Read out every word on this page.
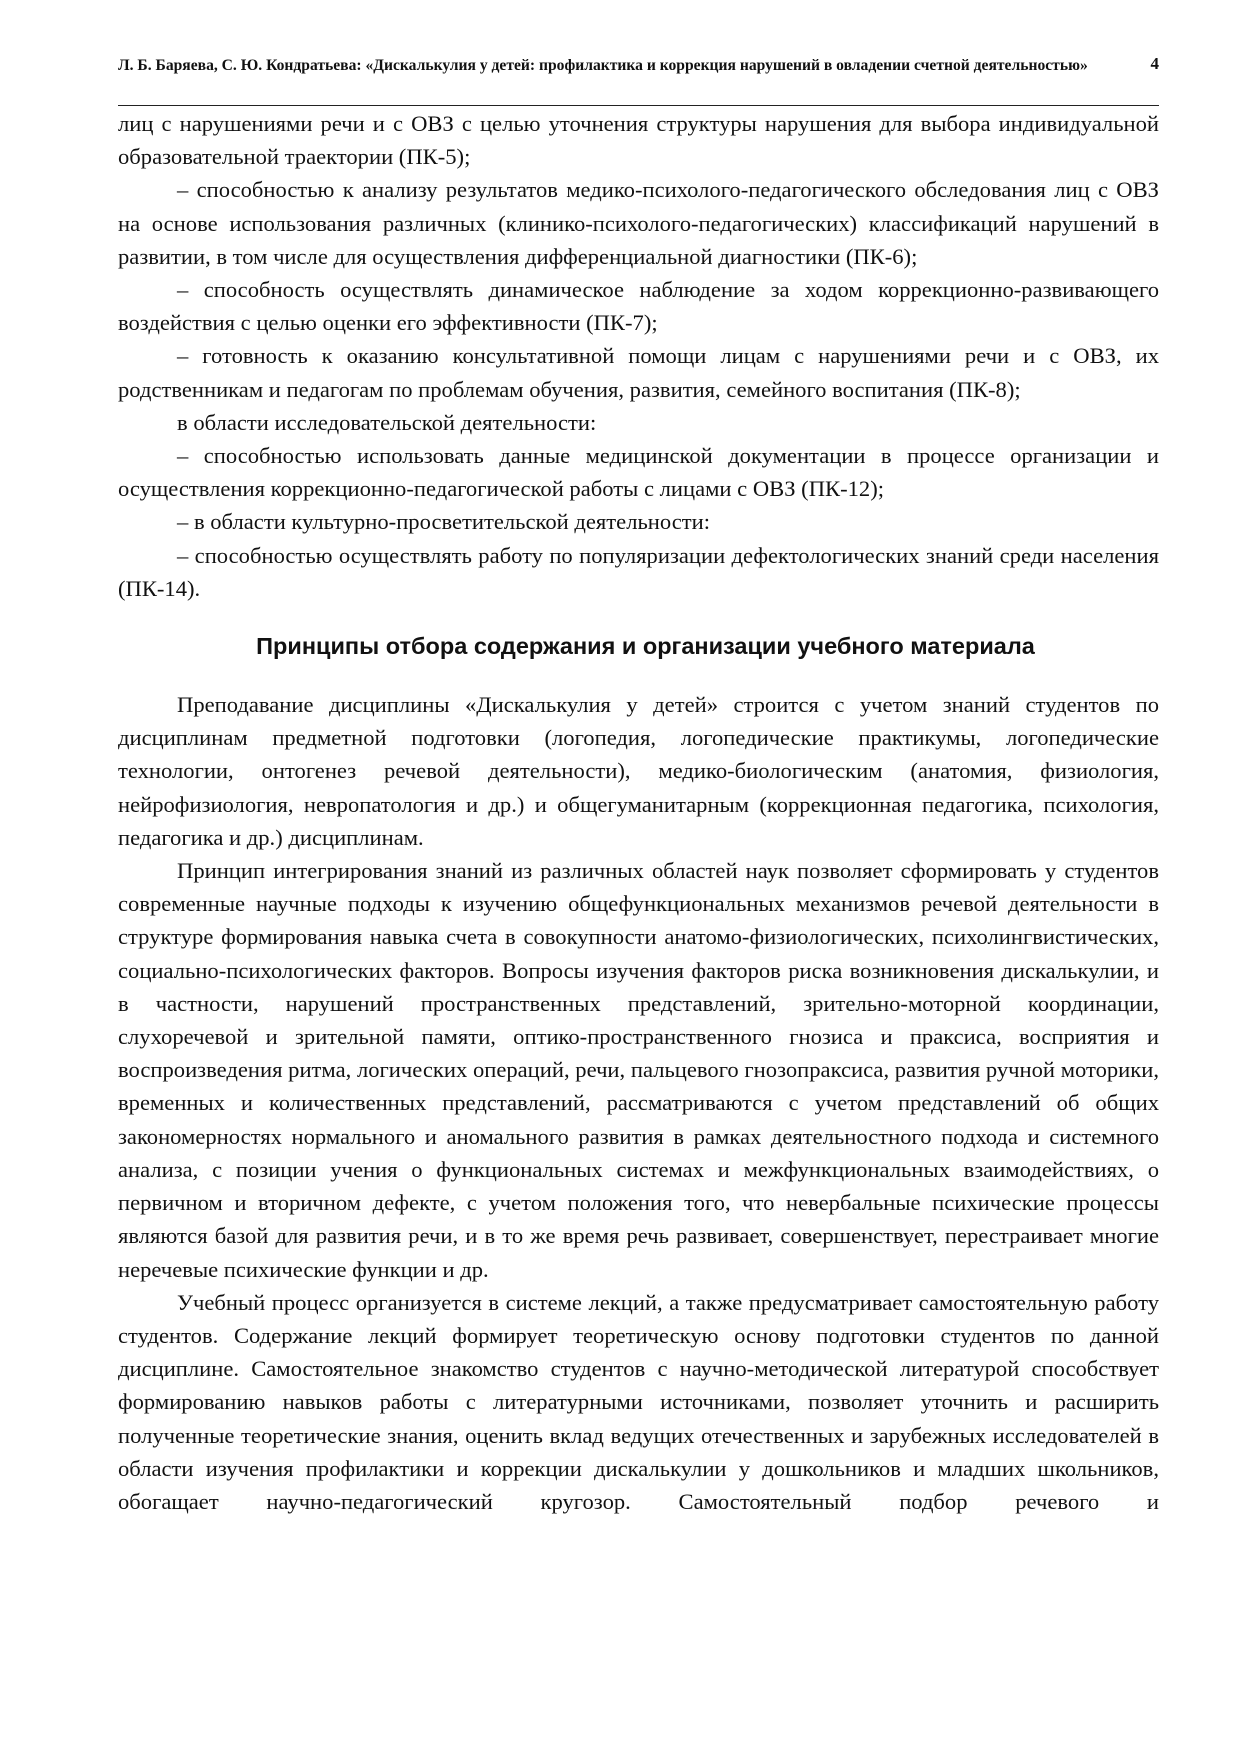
Л. Б. Баряева, С. Ю. Кондратьева: «Дискалькулия у детей: профилактика и коррекция нарушений в овладении счетной деятельностью»	4

лиц с нарушениями речи и с ОВЗ с целью уточнения структуры нарушения для выбора индивидуальной образовательной траектории (ПК-5);

– способностью к анализу результатов медико-психолого-педагогического обследования лиц с ОВЗ на основе использования различных (клинико-психолого-педагогических) классификаций нарушений в развитии, в том числе для осуществления дифференциальной диагностики (ПК-6);

– способность осуществлять динамическое наблюдение за ходом коррекционно-развивающего воздействия с целью оценки его эффективности (ПК-7);

– готовность к оказанию консультативной помощи лицам с нарушениями речи и с ОВЗ, их родственникам и педагогам по проблемам обучения, развития, семейного воспитания (ПК-8);

в области исследовательской деятельности:

– способностью использовать данные медицинской документации в процессе организации и осуществления коррекционно-педагогической работы с лицами с ОВЗ (ПК-12);

– в области культурно-просветительской деятельности:

– способностью осуществлять работу по популяризации дефектологических знаний среди населения (ПК-14).

Принципы отбора содержания и организации учебного материала

Преподавание дисциплины «Дискалькулия у детей» строится с учетом знаний студентов по дисциплинам предметной подготовки (логопедия, логопедические практикумы, логопедические технологии, онтогенез речевой деятельности), медико-биологическим (анатомия, физиология, нейрофизиология, невропатология и др.) и общегуманитарным (коррекционная педагогика, психология, педагогика и др.) дисциплинам.

Принцип интегрирования знаний из различных областей наук позволяет сформировать у студентов современные научные подходы к изучению общефункциональных механизмов речевой деятельности в структуре формирования навыка счета в совокупности анатомо-физиологических, психолингвистических, социально-психологических факторов. Вопросы изучения факторов риска возникновения дискалькулии, и в частности, нарушений пространственных представлений, зрительно-моторной координации, слухоречевой и зрительной памяти, оптико-пространственного гнозиса и праксиса, восприятия и воспроизведения ритма, логических операций, речи, пальцевого гнозопраксиса, развития ручной моторики, временных и количественных представлений, рассматриваются с учетом представлений об общих закономерностях нормального и аномального развития в рамках деятельностного подхода и системного анализа, с позиции учения о функциональных системах и межфункциональных взаимодействиях, о первичном и вторичном дефекте, с учетом положения того, что невербальные психические процессы являются базой для развития речи, и в то же время речь развивает, совершенствует, перестраивает многие неречевые психические функции и др.

Учебный процесс организуется в системе лекций, а также предусматривает самостоятельную работу студентов. Содержание лекций формирует теоретическую основу подготовки студентов по данной дисциплине. Самостоятельное знакомство студентов с научно-методической литературой способствует формированию навыков работы с литературными источниками, позволяет уточнить и расширить полученные теоретические знания, оценить вклад ведущих отечественных и зарубежных исследователей в области изучения профилактики и коррекции дискалькулии у дошкольников и младших школьников, обогащает научно-педагогический кругозор. Самостоятельный подбор речевого и
